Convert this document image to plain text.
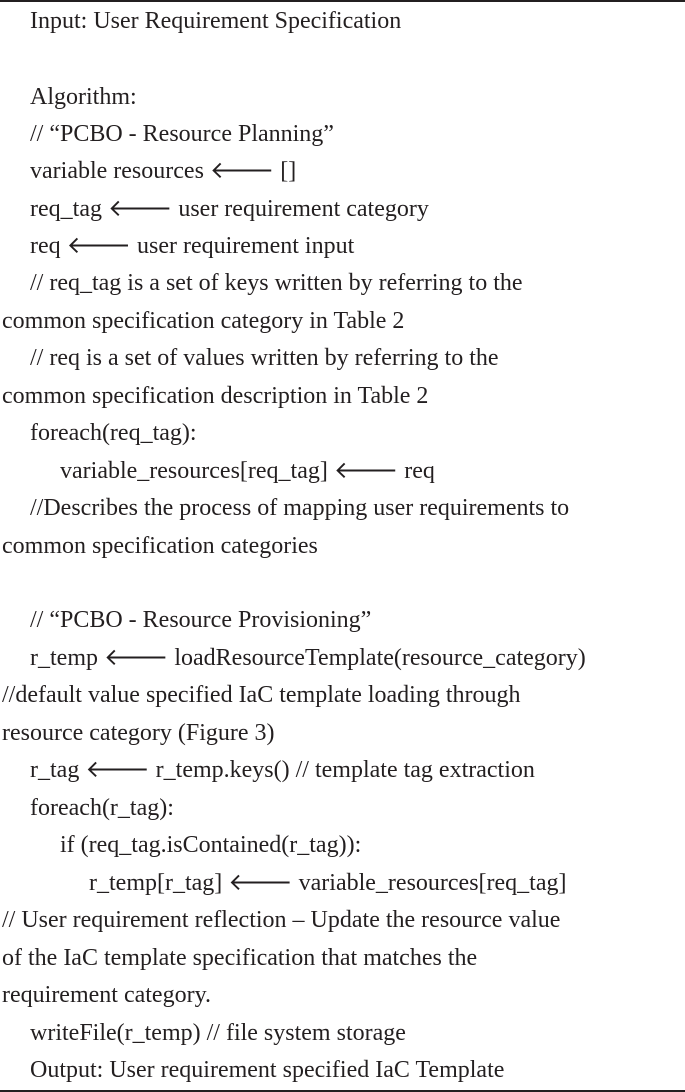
Input: User Requirement Specification
Algorithm:
// “PCBO - Resource Planning”
variable resources 🡐 []
req_tag 🡐 user requirement category
req 🡐 user requirement input
// req_tag is a set of keys written by referring to the
common specification category in Table 2
// req is a set of values written by referring to the
common specification description in Table 2
foreach(req_tag):
variable_resources[req_tag] 🡐 req
//Describes the process of mapping user requirements to
common specification categories
// “PCBO - Resource Provisioning”
r_temp 🡐 loadResourceTemplate(resource_category)
//default value specified IaC template loading through
resource category (Figure 3)
r_tag 🡐 r_temp.keys() // template tag extraction
foreach(r_tag):
if (req_tag.isContained(r_tag)):
r_temp[r_tag] 🡐 variable_resources[req_tag]
// User requirement reflection – Update the resource value
of the IaC template specification that matches the
requirement category.
writeFile(r_temp) // file system storage
Output: User requirement specified IaC Template
